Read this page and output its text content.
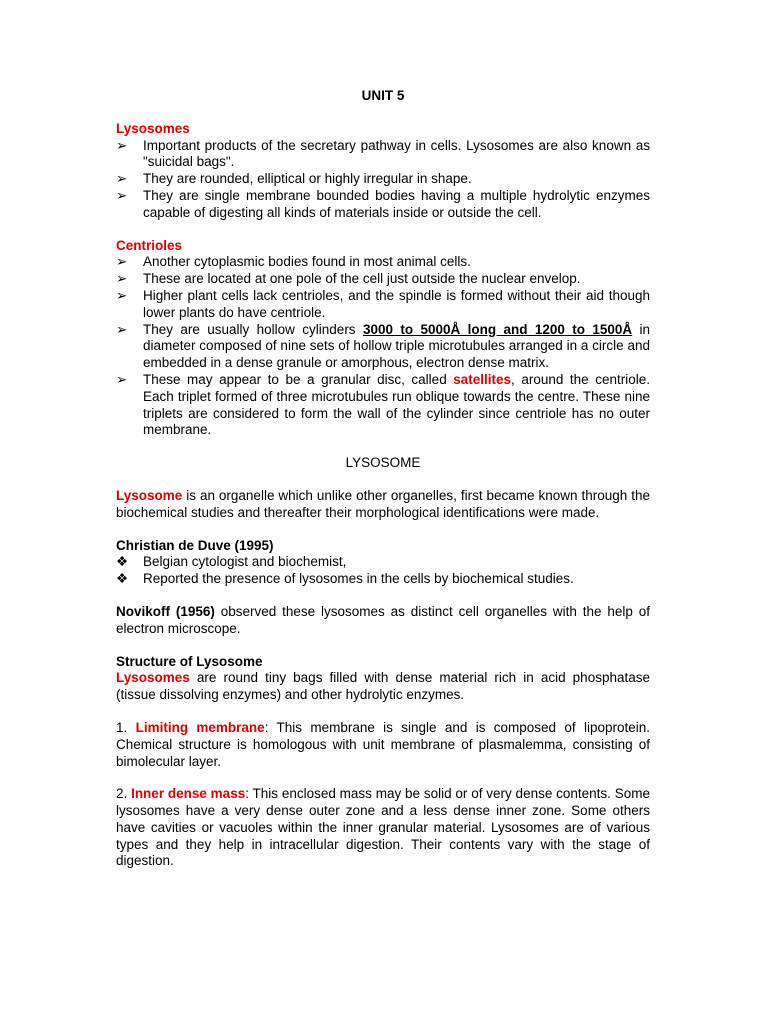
UNIT 5
Lysosomes
➢	Important products of the secretary pathway in cells. Lysosomes are also known as "suicidal bags".
➢	They are rounded, elliptical or highly irregular in shape.
➢	They are single membrane bounded bodies having a multiple hydrolytic enzymes capable of digesting all kinds of materials inside or outside the cell.
Centrioles
➢	Another cytoplasmic bodies found in most animal cells.
➢	These are located at one pole of the cell just outside the nuclear envelop.
➢	Higher plant cells lack centrioles, and the spindle is formed without their aid though lower plants do have centriole.
➢	They are usually hollow cylinders 3000 to 5000Å long and 1200 to 1500Å in diameter composed of nine sets of hollow triple microtubules arranged in a circle and embedded in a dense granule or amorphous, electron dense matrix.
➢	These may appear to be a granular disc, called satellites, around the centriole. Each triplet formed of three microtubules run oblique towards the centre. These nine triplets are considered to form the wall of the cylinder since centriole has no outer membrane.
LYSOSOME

Lysosome is an organelle which unlike other organelles, first became known through the biochemical studies and thereafter their morphological identifications were made.

Christian de Duve (1995)
❖	Belgian cytologist and biochemist,
❖	Reported the presence of lysosomes in the cells by biochemical studies.

Novikoff (1956) observed these lysosomes as distinct cell organelles with the help of electron microscope.

Structure of Lysosome

Lysosomes are round tiny bags filled with dense material rich in acid phosphatase (tissue dissolving enzymes) and other hydrolytic enzymes.

1. Limiting membrane: This membrane is single and is composed of lipoprotein. Chemical structure is homologous with unit membrane of plasmalemma, consisting of bimolecular layer.

2. Inner dense mass: This enclosed mass may be solid or of very dense contents. Some lysosomes have a very dense outer zone and a less dense inner zone. Some others have cavities or vacuoles within the inner granular material. Lysosomes are of various types and they help in intracellular digestion. Their contents vary with the stage of digestion.
